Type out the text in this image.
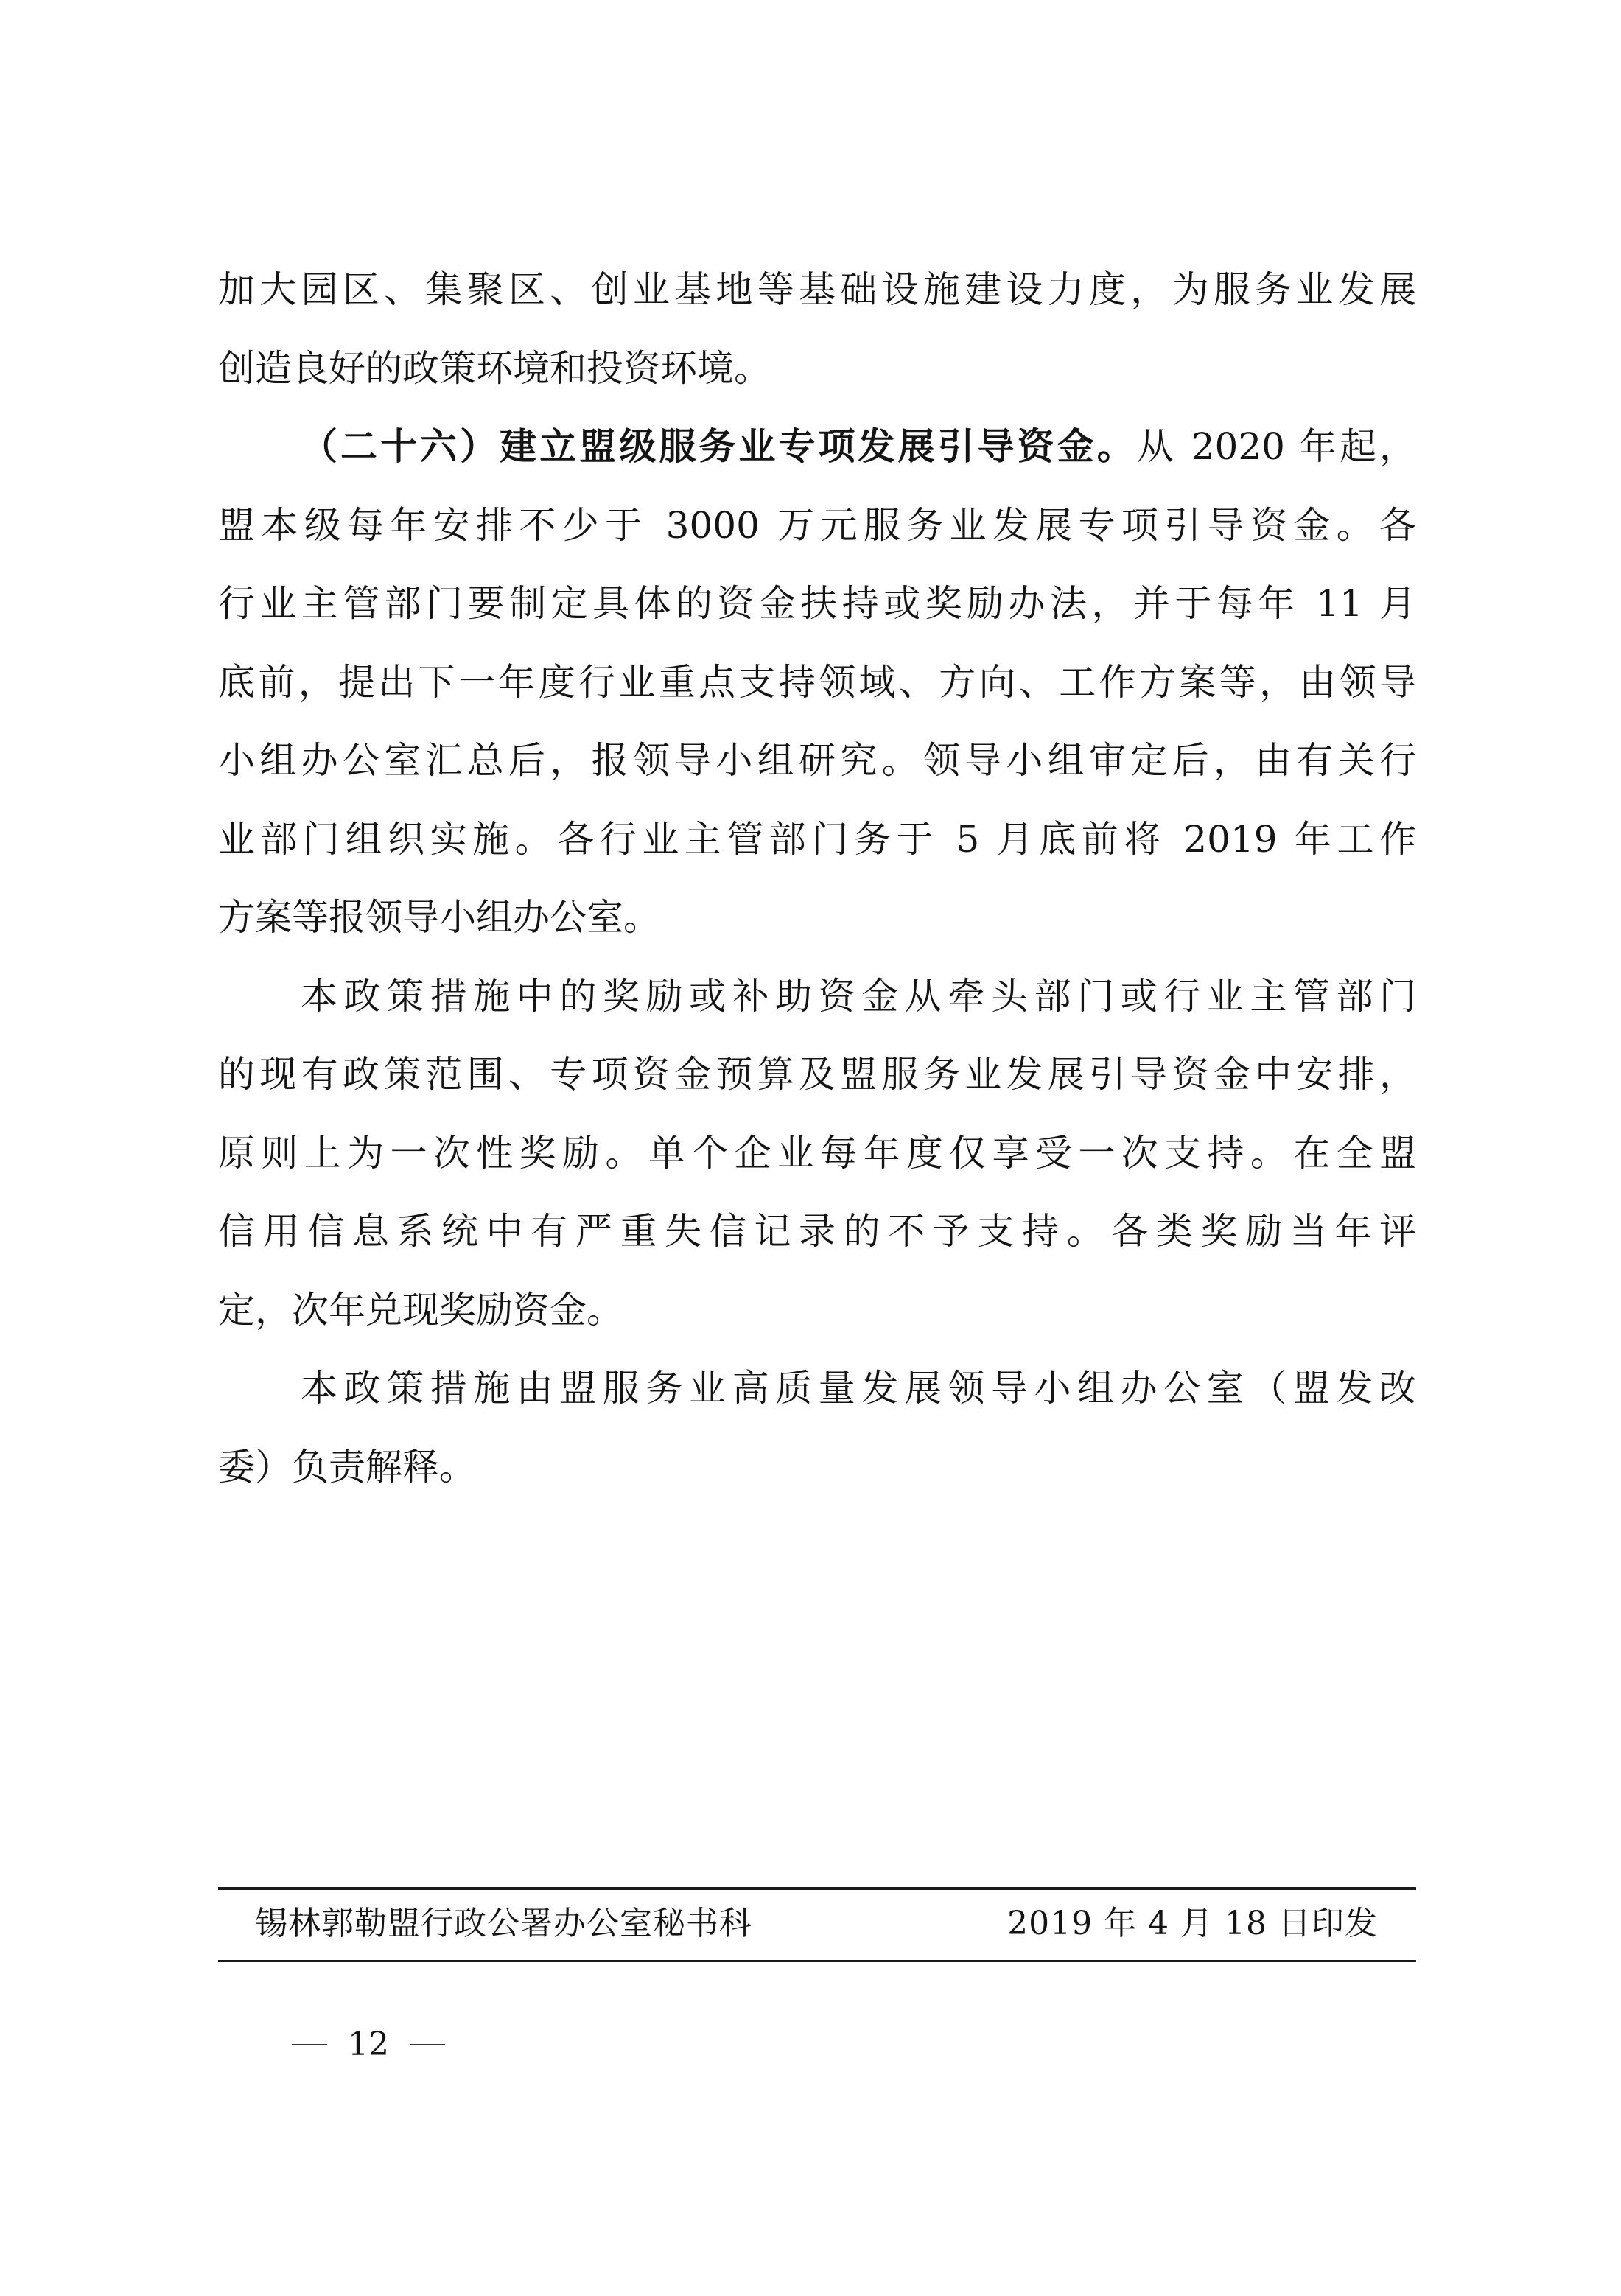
加大园区、集聚区、创业基地等基础设施建设力度，为服务业发展
创造良好的政策环境和投资环境。
（二十六）建立盟级服务业专项发展引导资金。从 2020 年起，
盟本级每年安排不少于 3000 万元服务业发展专项引导资金。各
行业主管部门要制定具体的资金扶持或奖励办法，并于每年 11 月
底前，提出下一年度行业重点支持领域、方向、工作方案等，由领导
小组办公室汇总后，报领导小组研究。领导小组审定后，由有关行
业部门组织实施。各行业主管部门务于 5 月底前将 2019 年工作
方案等报领导小组办公室。
本政策措施中的奖励或补助资金从牵头部门或行业主管部门
的现有政策范围、专项资金预算及盟服务业发展引导资金中安排，
原则上为一次性奖励。单个企业每年度仅享受一次支持。在全盟
信用信息系统中有严重失信记录的不予支持。各类奖励当年评
定，次年兑现奖励资金。
本政策措施由盟服务业高质量发展领导小组办公室（盟发改
委）负责解释。
锡林郭勒盟行政公署办公室秘书科	2019 年 4 月 18 日印发
12
